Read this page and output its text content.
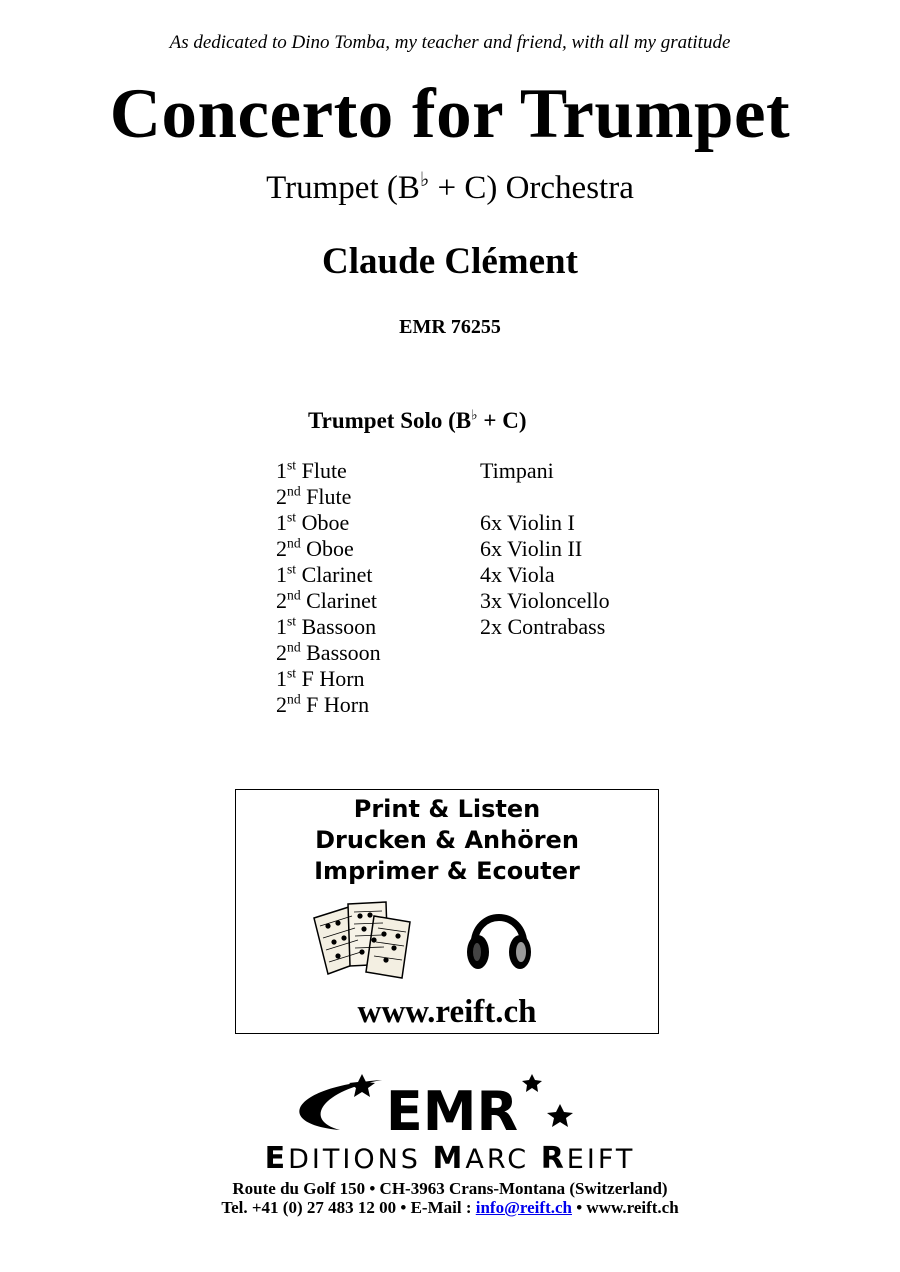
As dedicated to Dino Tomba, my teacher and friend, with all my gratitude
Concerto for Trumpet
Trumpet (B♭ + C) Orchestra
Claude Clément
EMR 76255
Trumpet Solo (B♭ + C)
1st Flute
2nd Flute
1st Oboe
2nd Oboe
1st Clarinet
2nd Clarinet
1st Bassoon
2nd Bassoon
1st F Horn
2nd F Horn
Timpani
6x Violin I
6x Violin II
4x Viola
3x Violoncello
2x Contrabass
Print & Listen
Drucken & Anhören
Imprimer & Ecouter
www.reift.ch
EMR
EDITIONS MARC REIFT
Route du Golf 150 • CH-3963 Crans-Montana (Switzerland)
Tel. +41 (0) 27 483 12 00 • E-Mail : info@reift.ch • www.reift.ch
